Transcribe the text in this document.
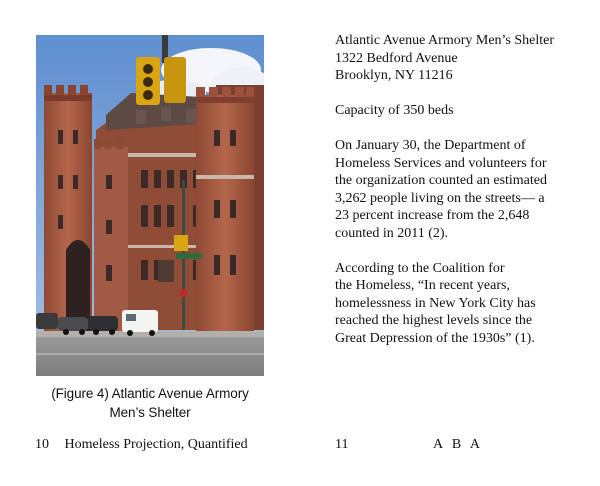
(Figure 4) Atlantic Avenue Armory
Men’s Shelter
10 Homeless Projection, Quantified
Atlantic Avenue Armory Men’s Shelter
1322 Bedford Avenue
Brooklyn, NY 11216
Capacity of 350 beds
On January 30, the Department of
Homeless Services and volunteers for
the organization counted an estimated
3,262 people living on the streets— a
23 percent increase from the 2,648
counted in 2011 (2).
According to the Coalition for
the Homeless, “In recent years,
homelessness in New York City has
reached the highest levels since the
Great Depression of the 1930s” (1).
11	A B A
